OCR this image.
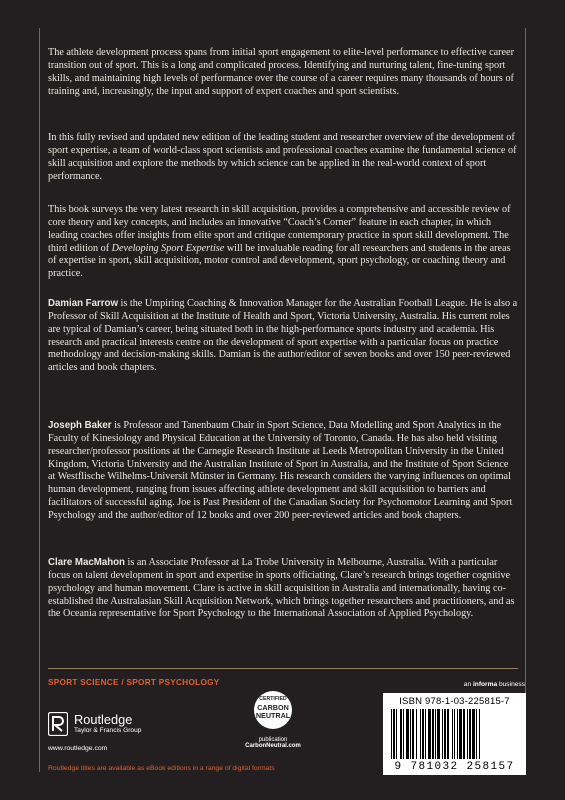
The athlete development process spans from initial sport engagement to elite-level performance to effective career transition out of sport. This is a long and complicated process. Identifying and nurturing talent, fine-tuning sport skills, and maintaining high levels of performance over the course of a career requires many thousands of hours of training and, increasingly, the input and support of expert coaches and sport scientists.

In this fully revised and updated new edition of the leading student and researcher overview of the development of sport expertise, a team of world-class sport scientists and professional coaches examine the fundamental science of skill acquisition and explore the methods by which science can be applied in the real-world context of sport performance.

This book surveys the very latest research in skill acquisition, provides a comprehensive and accessible review of core theory and key concepts, and includes an innovative “Coach’s Corner” feature in each chapter, in which leading coaches offer insights from elite sport and critique contemporary practice in sport skill development. The third edition of Developing Sport Expertise will be invaluable reading for all researchers and students in the areas of expertise in sport, skill acquisition, motor control and development, sport psychology, or coaching theory and practice.

Damian Farrow is the Umpiring Coaching & Innovation Manager for the Australian Football League. He is also a Professor of Skill Acquisition at the Institute of Health and Sport, Victoria University, Australia. His current roles are typical of Damian’s career, being situated both in the high-performance sports industry and academia. His research and practical interests centre on the development of sport expertise with a particular focus on practice methodology and decision-making skills. Damian is the author/editor of seven books and over 150 peer-reviewed articles and book chapters.

Joseph Baker is Professor and Tanenbaum Chair in Sport Science, Data Modelling and Sport Analytics in the Faculty of Kinesiology and Physical Education at the University of Toronto, Canada. He has also held visiting researcher/professor positions at the Carnegie Research Institute at Leeds Metropolitan University in the United Kingdom, Victoria University and the Australian Institute of Sport in Australia, and the Institute of Sport Science at Westflische Wilhelms-Universit Münster in Germany. His research considers the varying influences on optimal human development, ranging from issues affecting athlete development and skill acquisition to barriers and facilitators of successful aging. Joe is Past President of the Canadian Society for Psychomotor Learning and Sport Psychology and the author/editor of 12 books and over 200 peer-reviewed articles and book chapters.

Clare MacMahon is an Associate Professor at La Trobe University in Melbourne, Australia. With a particular focus on talent development in sport and expertise in sports officiating, Clare’s research brings together cognitive psychology and human movement. Clare is active in skill acquisition in Australia and internationally, having co-established the Australasian Skill Acquisition Network, which brings together researchers and practitioners, and as the Oceania representative for Sport Psychology to the International Association of Applied Psychology.

SPORT SCIENCE / SPORT PSYCHOLOGY	an informa business
Routledge
Taylor & Francis Group
www.routledge.com
CERTIFIED
CARBON
NEUTRAL
publication
CarbonNeutral.com
ISBN 978-1-03-225815-7
9 781032 258157
Routledge titles are available as eBook editions in a range of digital formats
